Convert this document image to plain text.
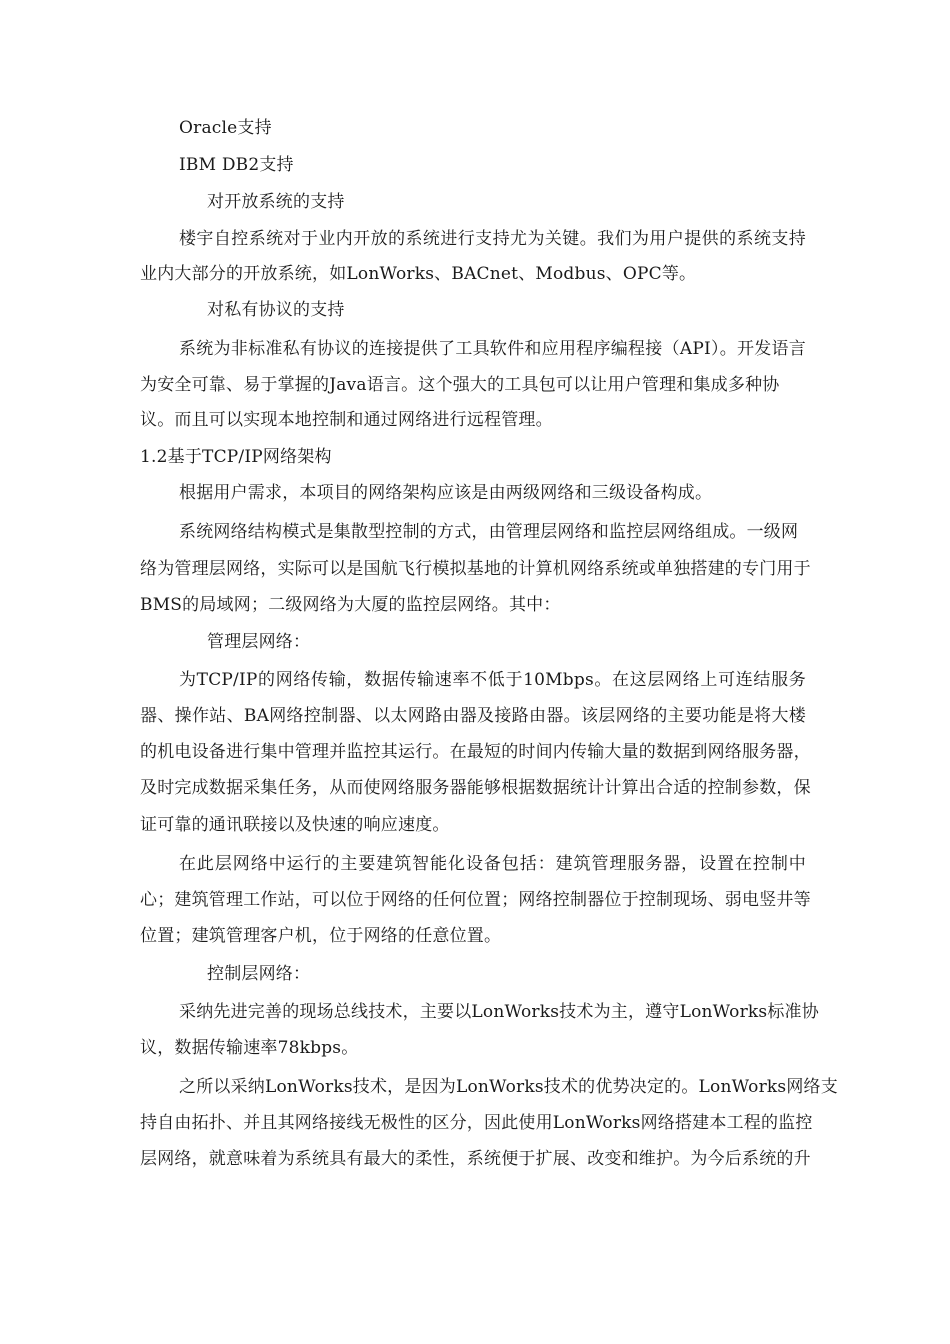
Oracle支持
IBM DB2支持
对开放系统的支持
楼宇自控系统对于业内开放的系统进行支持尤为关键。我们为用户提供的系统支持
业内大部分的开放系统，如LonWorks、BACnet、Modbus、OPC等。
对私有协议的支持
系统为非标准私有协议的连接提供了工具软件和应用程序编程接（API）。开发语言
为安全可靠、易于掌握的Java语言。这个强大的工具包可以让用户管理和集成多种协
议。而且可以实现本地控制和通过网络进行远程管理。
1.2基于TCP/IP网络架构
根据用户需求，本项目的网络架构应该是由两级网络和三级设备构成。
系统网络结构模式是集散型控制的方式，由管理层网络和监控层网络组成。一级网
络为管理层网络，实际可以是国航飞行模拟基地的计算机网络系统或单独搭建的专门用于
BMS的局域网；二级网络为大厦的监控层网络。其中：
管理层网络：
为TCP/IP的网络传输，数据传输速率不低于10Mbps。在这层网络上可连结服务
器、操作站、BA网络控制器、以太网路由器及接路由器。该层网络的主要功能是将大楼
的机电设备进行集中管理并监控其运行。在最短的时间内传输大量的数据到网络服务器，
及时完成数据采集任务，从而使网络服务器能够根据数据统计计算出合适的控制参数，保
证可靠的通讯联接以及快速的响应速度。
在此层网络中运行的主要建筑智能化设备包括：建筑管理服务器，设置在控制中
心；建筑管理工作站，可以位于网络的任何位置；网络控制器位于控制现场、弱电竖井等
位置；建筑管理客户机，位于网络的任意位置。
控制层网络：
采纳先进完善的现场总线技术，主要以LonWorks技术为主，遵守LonWorks标准协
议，数据传输速率78kbps。
之所以采纳LonWorks技术，是因为LonWorks技术的优势决定的。LonWorks网络支
持自由拓扑、并且其网络接线无极性的区分，因此使用LonWorks网络搭建本工程的监控
层网络，就意味着为系统具有最大的柔性，系统便于扩展、改变和维护。为今后系统的升
